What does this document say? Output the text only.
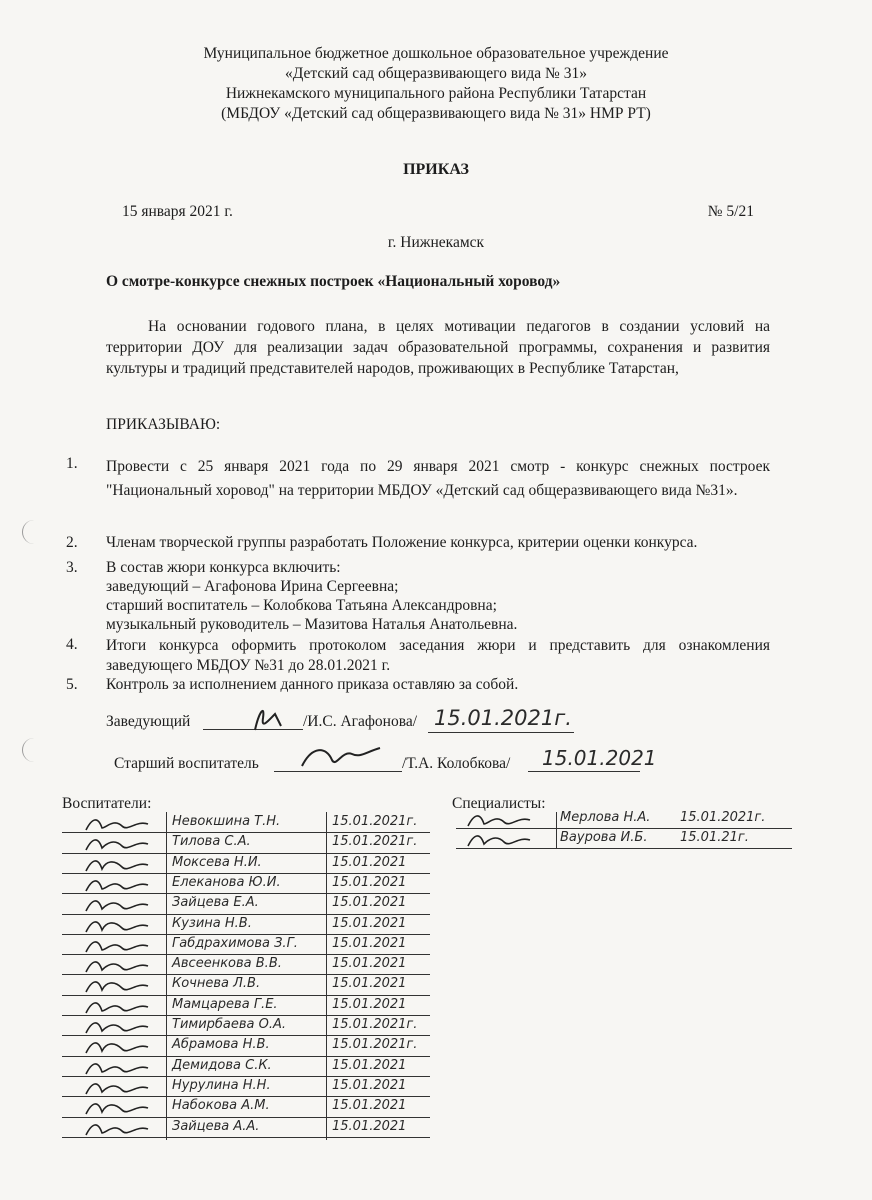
Муниципальное бюджетное дошкольное образовательное учреждение
«Детский сад общеразвивающего вида № 31»
Нижнекамского муниципального района Республики Татарстан
(МБДОУ «Детский сад общеразвивающего вида № 31» НМР РТ)
ПРИКАЗ
15 января 2021 г.	№ 5/21
г. Нижнекамск
О смотре-конкурсе снежных построек «Национальный хоровод»
На основании годового плана, в целях мотивации педагогов в создании условий на территории ДОУ для реализации задач образовательной программы, сохранения и развития культуры и традиций представителей народов, проживающих в Республике Татарстан,
ПРИКАЗЫВАЮ:
1. Провести с 25 января 2021 года по 29 января 2021 смотр - конкурс снежных построек "Национальный хоровод" на территории МБДОУ «Детский сад общеразвивающего вида №31».
2. Членам творческой группы разработать Положение конкурса, критерии оценки конкурса.
3. В состав жюри конкурса включить:
заведующий – Агафонова Ирина Сергеевна;
старший воспитатель – Колобкова Татьяна Александровна;
музыкальный руководитель – Мазитова Наталья Анатольевна.
4. Итоги конкурса оформить протоколом заседания жюри и представить для ознакомления заведующего МБДОУ №31 до 28.01.2021 г.
5. Контроль за исполнением данного приказа оставляю за собой.
Заведующий	/И.С. Агафонова/ 15.01.2021г.
Старший воспитатель	/Т.А. Колобкова/ 15.01.2021
Воспитатели:	Специалисты:
Невокшина Т.Н.	15.01.2021г.
Тилова С.А.	15.01.2021г.
Моксева Н.И.	15.01.2021
Елеканова Ю.И.	15.01.2021
Зайцева Е.А.	15.01.2021
Кузина Н.В.	15.01.2021
Габдрахимова З.Г.	15.01.2021
Авсеенкова В.В.	15.01.2021
Кочнева Л.В.	15.01.2021
Мамцарева Г.Е.	15.01.2021
Тимирбаева О.А.	15.01.2021г.
Абрамова Н.В.	15.01.2021г.
Демидова С.К.	15.01.2021
Нурулина Н.Н.	15.01.2021
Набокова А.М.	15.01.2021
Зайцева А.А.	15.01.2021
Мерлова Н.А. 15.01.2021г.
Ваурова И.Б.	15.01.21г.
